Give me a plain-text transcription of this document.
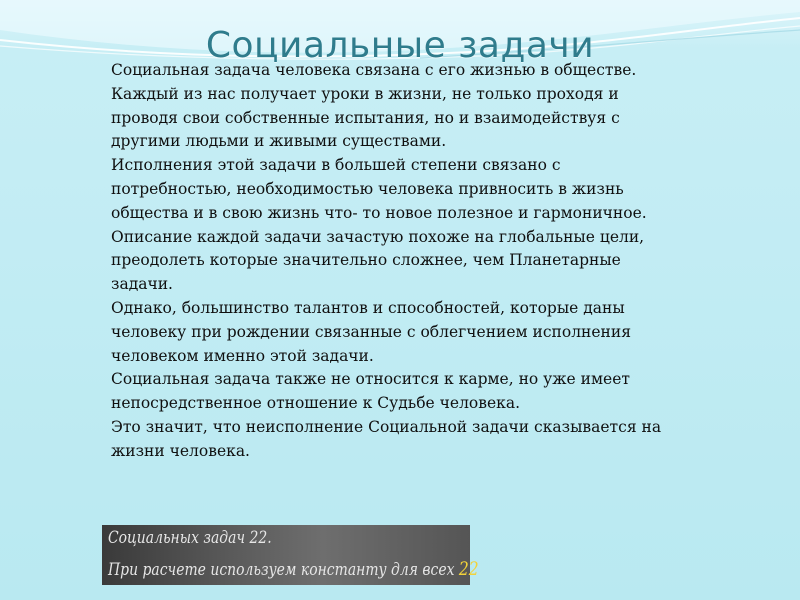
Социальные задачи

Социальная задача человека связана с его жизнью в обществе.

Каждый из нас получает уроки в жизни, не только проходя и проводя свои собственные испытания, но и взаимодействуя с другими людьми и живыми существами.

Исполнения этой задачи в большей степени связано с потребностью, необходимостью человека привносить в жизнь общества и в свою жизнь что- то новое полезное и гармоничное.

Описание каждой задачи зачастую похоже на глобальные цели, преодолеть которые значительно сложнее, чем Планетарные задачи.

Однако, большинство талантов и способностей, которые даны человеку при рождении связанные с облегчением исполнения человеком именно этой задачи.

Социальная задача также не относится к карме, но уже имеет непосредственное отношение к Судьбе человека.

Это значит, что неисполнение Социальной задачи сказывается на жизни человека.

Социальных задач 22.
При расчете используем константу для всех 22
